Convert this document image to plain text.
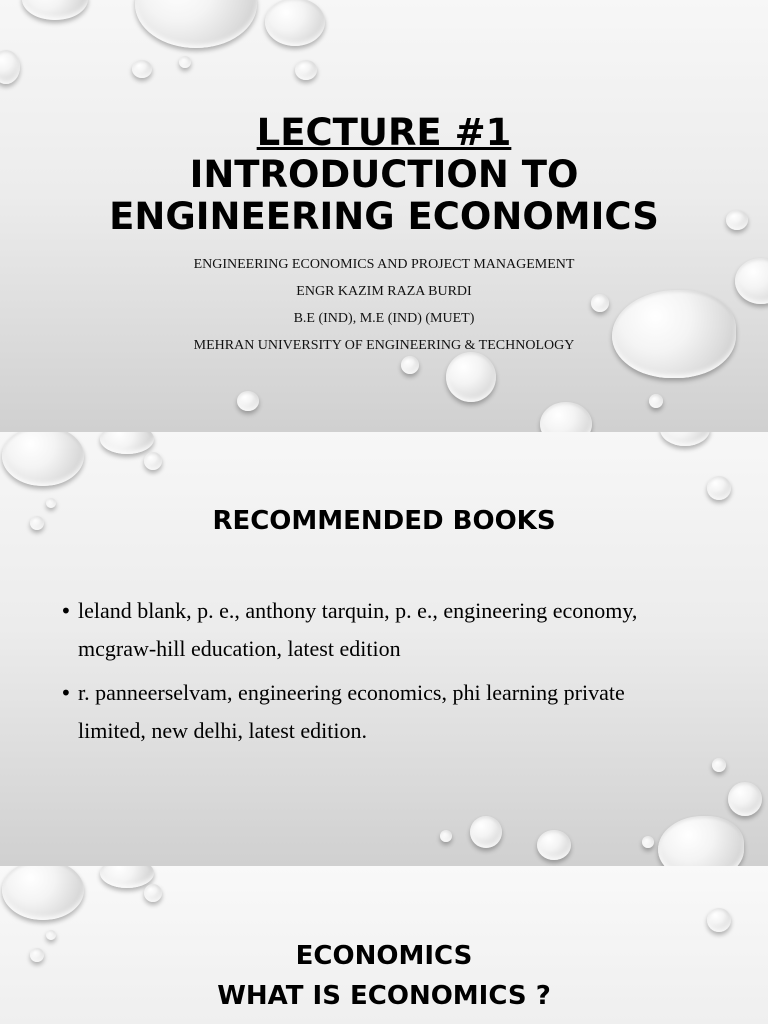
LECTURE #1
INTRODUCTION TO
ENGINEERING ECONOMICS
ENGINEERING ECONOMICS AND PROJECT MANAGEMENT
ENGR KAZIM RAZA BURDI
B.E (IND), M.E (IND) (MUET)
MEHRAN UNIVERSITY OF ENGINEERING & TECHNOLOGY
RECOMMENDED BOOKS
• leland blank, p. e., anthony tarquin, p. e., engineering economy, mcgraw-hill education, latest edition
• r. panneerselvam, engineering economics, phi learning private limited, new delhi, latest edition.
ECONOMICS
WHAT IS ECONOMICS ?
